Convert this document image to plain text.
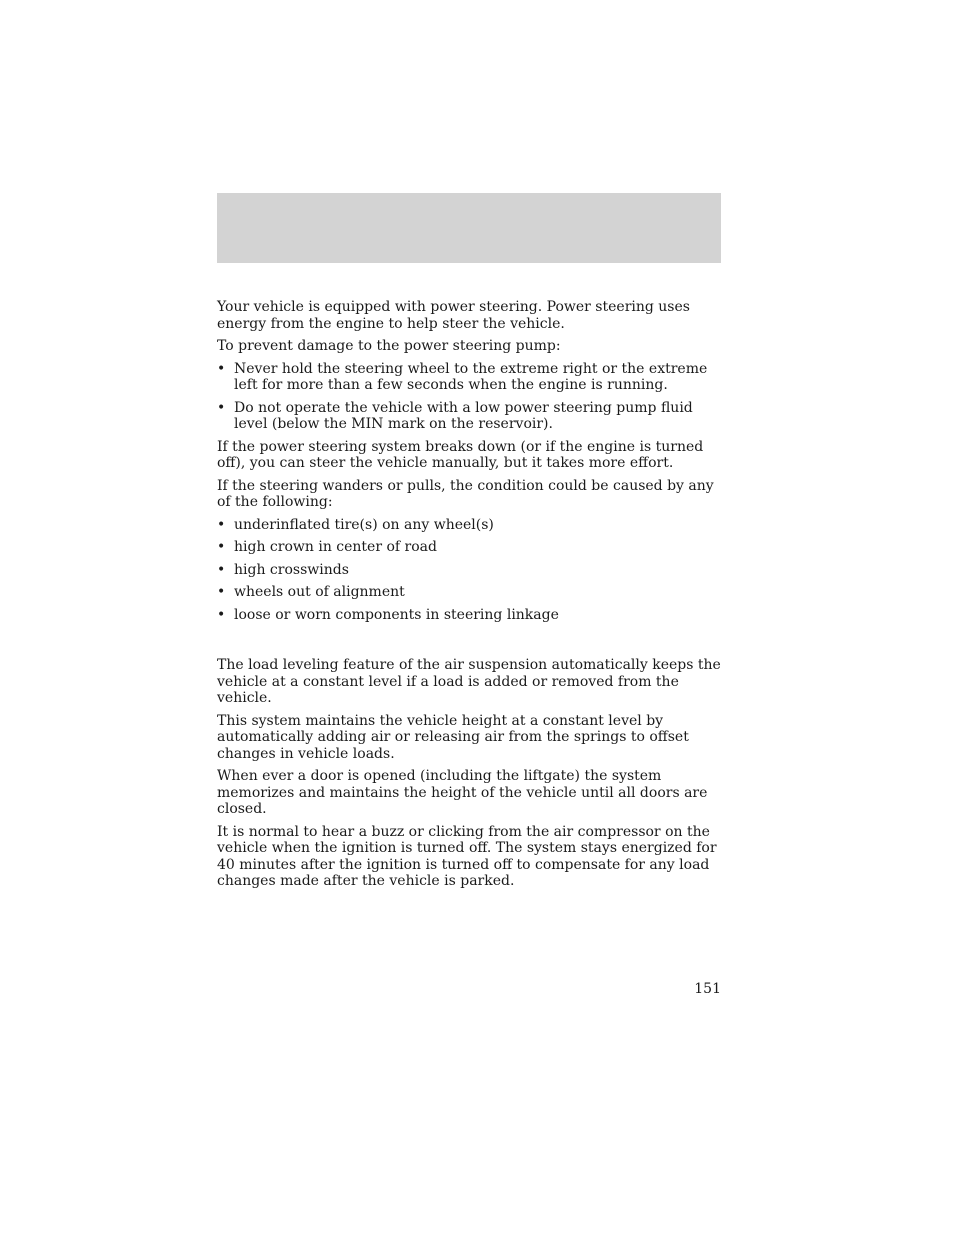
Your vehicle is equipped with power steering. Power steering uses energy from the engine to help steer the vehicle.

To prevent damage to the power steering pump:

• Never hold the steering wheel to the extreme right or the extreme left for more than a few seconds when the engine is running.
• Do not operate the vehicle with a low power steering pump fluid level (below the MIN mark on the reservoir).

If the power steering system breaks down (or if the engine is turned off), you can steer the vehicle manually, but it takes more effort.

If the steering wanders or pulls, the condition could be caused by any of the following:

• underinflated tire(s) on any wheel(s)
• high crown in center of road
• high crosswinds
• wheels out of alignment
• loose or worn components in steering linkage

The load leveling feature of the air suspension automatically keeps the vehicle at a constant level if a load is added or removed from the vehicle.

This system maintains the vehicle height at a constant level by automatically adding air or releasing air from the springs to offset changes in vehicle loads.

When ever a door is opened (including the liftgate) the system memorizes and maintains the height of the vehicle until all doors are closed.

It is normal to hear a buzz or clicking from the air compressor on the vehicle when the ignition is turned off. The system stays energized for 40 minutes after the ignition is turned off to compensate for any load changes made after the vehicle is parked.

151
